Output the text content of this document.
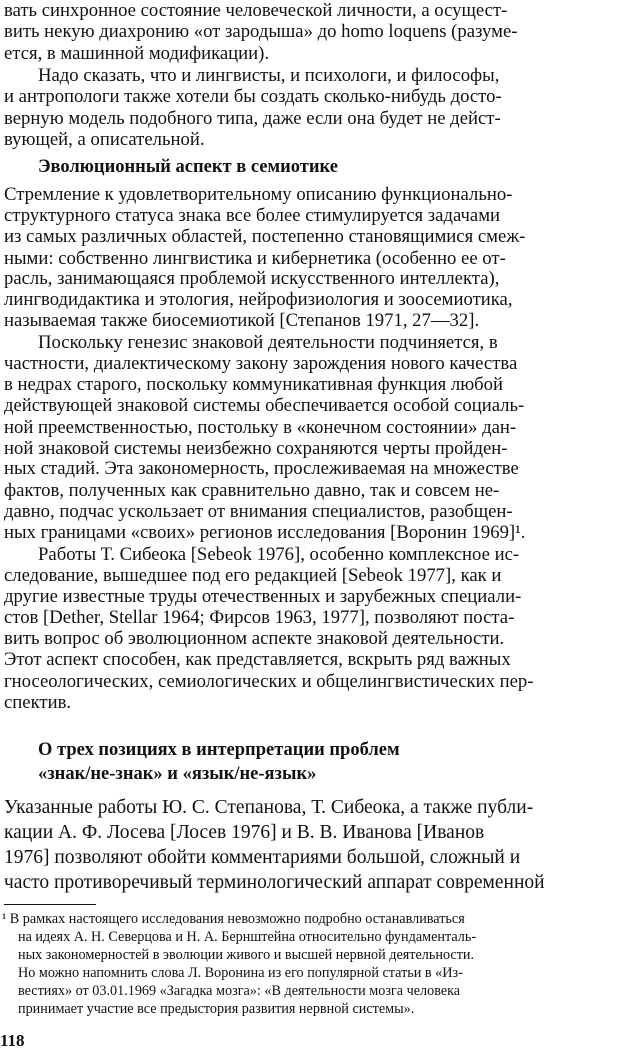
вать синхронное состояние человеческой личности, а осущест-
вить некую диахронию «от зародыша» до homo loquens (разуме-
ется, в машинной модификации).
Надо сказать, что и лингвисты, и психологи, и философы,
и антропологи также хотели бы создать сколько-нибудь досто-
верную модель подобного типа, даже если она будет не дейст-
вующей, а описательной.
Эволюционный аспект в семиотике
Стремление к удовлетворительному описанию функционально-
структурного статуса знака все более стимулируется задачами
из самых различных областей, постепенно становящимися смеж-
ными: собственно лингвистика и кибернетика (особенно ее от-
расль, занимающаяся проблемой искусственного интеллекта),
лингводидактика и этология, нейрофизиология и зоосемиотика,
называемая также биосемиотикой [Степанов 1971, 27—32].
Поскольку генезис знаковой деятельности подчиняется, в
частности, диалектическому закону зарождения нового качества
в недрах старого, поскольку коммуникативная функция любой
действующей знаковой системы обеспечивается особой социаль-
ной преемственностью, постольку в «конечном состоянии» дан-
ной знаковой системы неизбежно сохраняются черты пройден-
ных стадий. Эта закономерность, прослеживаемая на множестве
фактов, полученных как сравнительно давно, так и совсем не-
давно, подчас ускользает от внимания специалистов, разобщен-
ных границами «своих» регионов исследования [Воронин 1969]¹.
Работы Т. Сибеока [Sebeok 1976], особенно комплексное ис-
следование, вышедшее под его редакцией [Sebeok 1977], как и
другие известные труды отечественных и зарубежных специали-
стов [Dether, Stellar 1964; Фирсов 1963, 1977], позволяют поста-
вить вопрос об эволюционном аспекте знаковой деятельности.
Этот аспект способен, как представляется, вскрыть ряд важных
гносеологических, семиологических и общелингвистических пер-
спектив.
О трех позициях в интерпретации проблем
«знак/не-знак» и «язык/не-язык»
Указанные работы Ю. С. Степанова, Т. Сибеока, а также публи-
кации А. Ф. Лосева [Лосев 1976] и В. В. Иванова [Иванов
1976] позволяют обойти комментариями большой, сложный и
часто противоречивый терминологический аппарат современной
¹ В рамках настоящего исследования невозможно подробно останавливаться
на идеях А. Н. Северцова и Н. А. Бернштейна относительно фундаменталь-
ных закономерностей в эволюции живого и высшей нервной деятельности.
Но можно напомнить слова Л. Воронина из его популярной статьи в «Из-
вестиях» от 03.01.1969 «Загадка мозга»: «В деятельности мозга человека
принимает участие все предыстория развития нервной системы».
118
